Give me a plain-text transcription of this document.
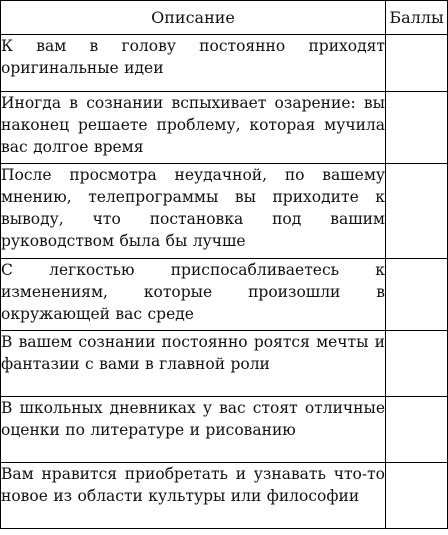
Описание	Баллы
К вам в голову постоянно приходят оригинальные идеи	
Иногда в сознании вспыхивает озарение: вы наконец решаете проблему, которая мучила вас долгое время	
После просмотра неудачной, по вашему мнению, телепрограммы вы приходите к выводу, что постановка под вашим руководством была бы лучше	
С легкостью приспосабливаетесь к изменениям, которые произошли в окружающей вас среде	
В вашем сознании постоянно роятся мечты и фантазии с вами в главной роли	
В школьных дневниках у вас стоят отличные оценки по литературе и рисованию	
Вам нравится приобретать и узнавать что-то новое из области культуры или философии	
